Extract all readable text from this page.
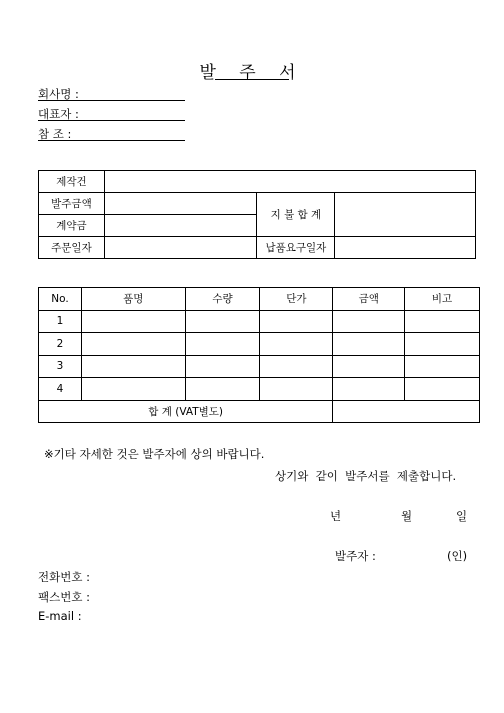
발 주 서
회사명 :
대표자 :
참 조 :
제작건			
발주금액		지 불 합 계	
계약금			
주문일자		납품요구일자	
No.	품명	수량	단가	금액	비고
1					
2					
3					
4					
합 계 (VAT별도)					
※기타 자세한 것은 발주자에 상의 바랍니다.
상기와  같이  발주서를  제출합니다.
년	월	일
발주자 :	(인)
전화번호 :
팩스번호 :
E-mail :
